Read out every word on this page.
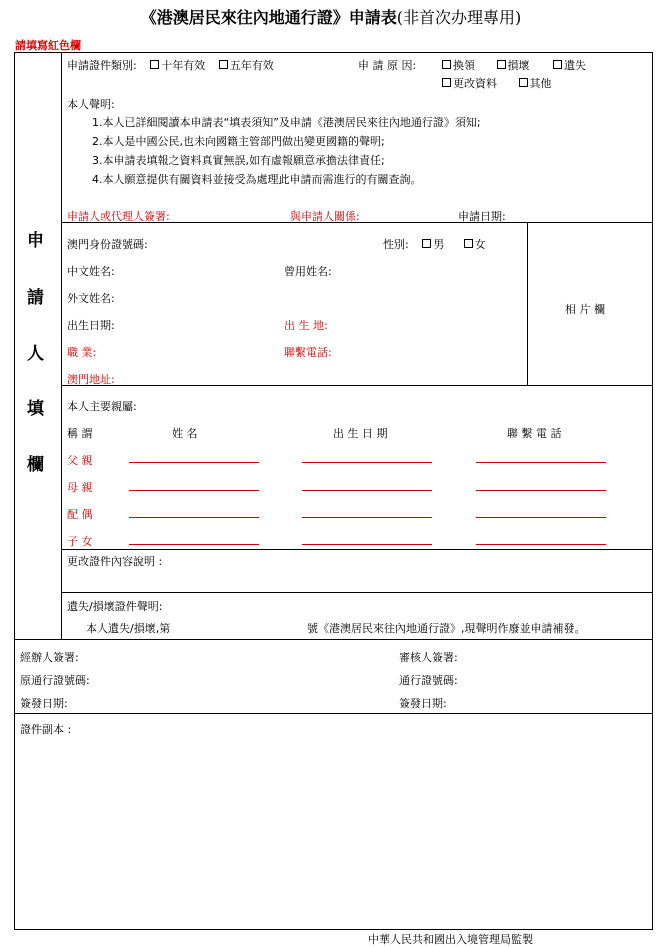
《港澳居民來往內地通行證》申請表(非首次办理專用)
請填寫紅色欄
申
請
人
填
欄
申請證件類別: 十年有效 五年有效	申 請 原 因:	換領	損壞	遺失
更改資料	其他
本人聲明:
1.本人已詳細閱讀本申請表“填表須知”及申請《港澳居民來往內地通行證》須知;
2.本人是中國公民,也未向國籍主管部門做出變更國籍的聲明;
3.本申請表填報之資料真實無誤,如有虛報願意承擔法律責任;
4.本人願意提供有關資料並接受為處理此申請而需進行的有關查詢。
申請人或代理人簽署:	與申請人關係:	申請日期:
澳門身份證號碼:	性別: 男	女
中文姓名:	曾用姓名:
外文姓名:
出生日期:	出 生 地:
職 業:	聯繫電話:
澳門地址:
相 片 欄
本人主要親屬:
稱 謂	姓 名	出 生 日 期	聯 繫 電 話
父 親
母 親
配 偶
子 女
更改證件內容說明 :
遺失/損壞證件聲明:
本人遺失/損壞,第	號《港澳居民來往內地通行證》,現聲明作廢並申請補發。
經辦人簽署:	審核人簽署:
原通行證號碼:	通行證號碼:
簽發日期:	簽發日期:
證件副本 :
中華人民共和國出入境管理局監製
